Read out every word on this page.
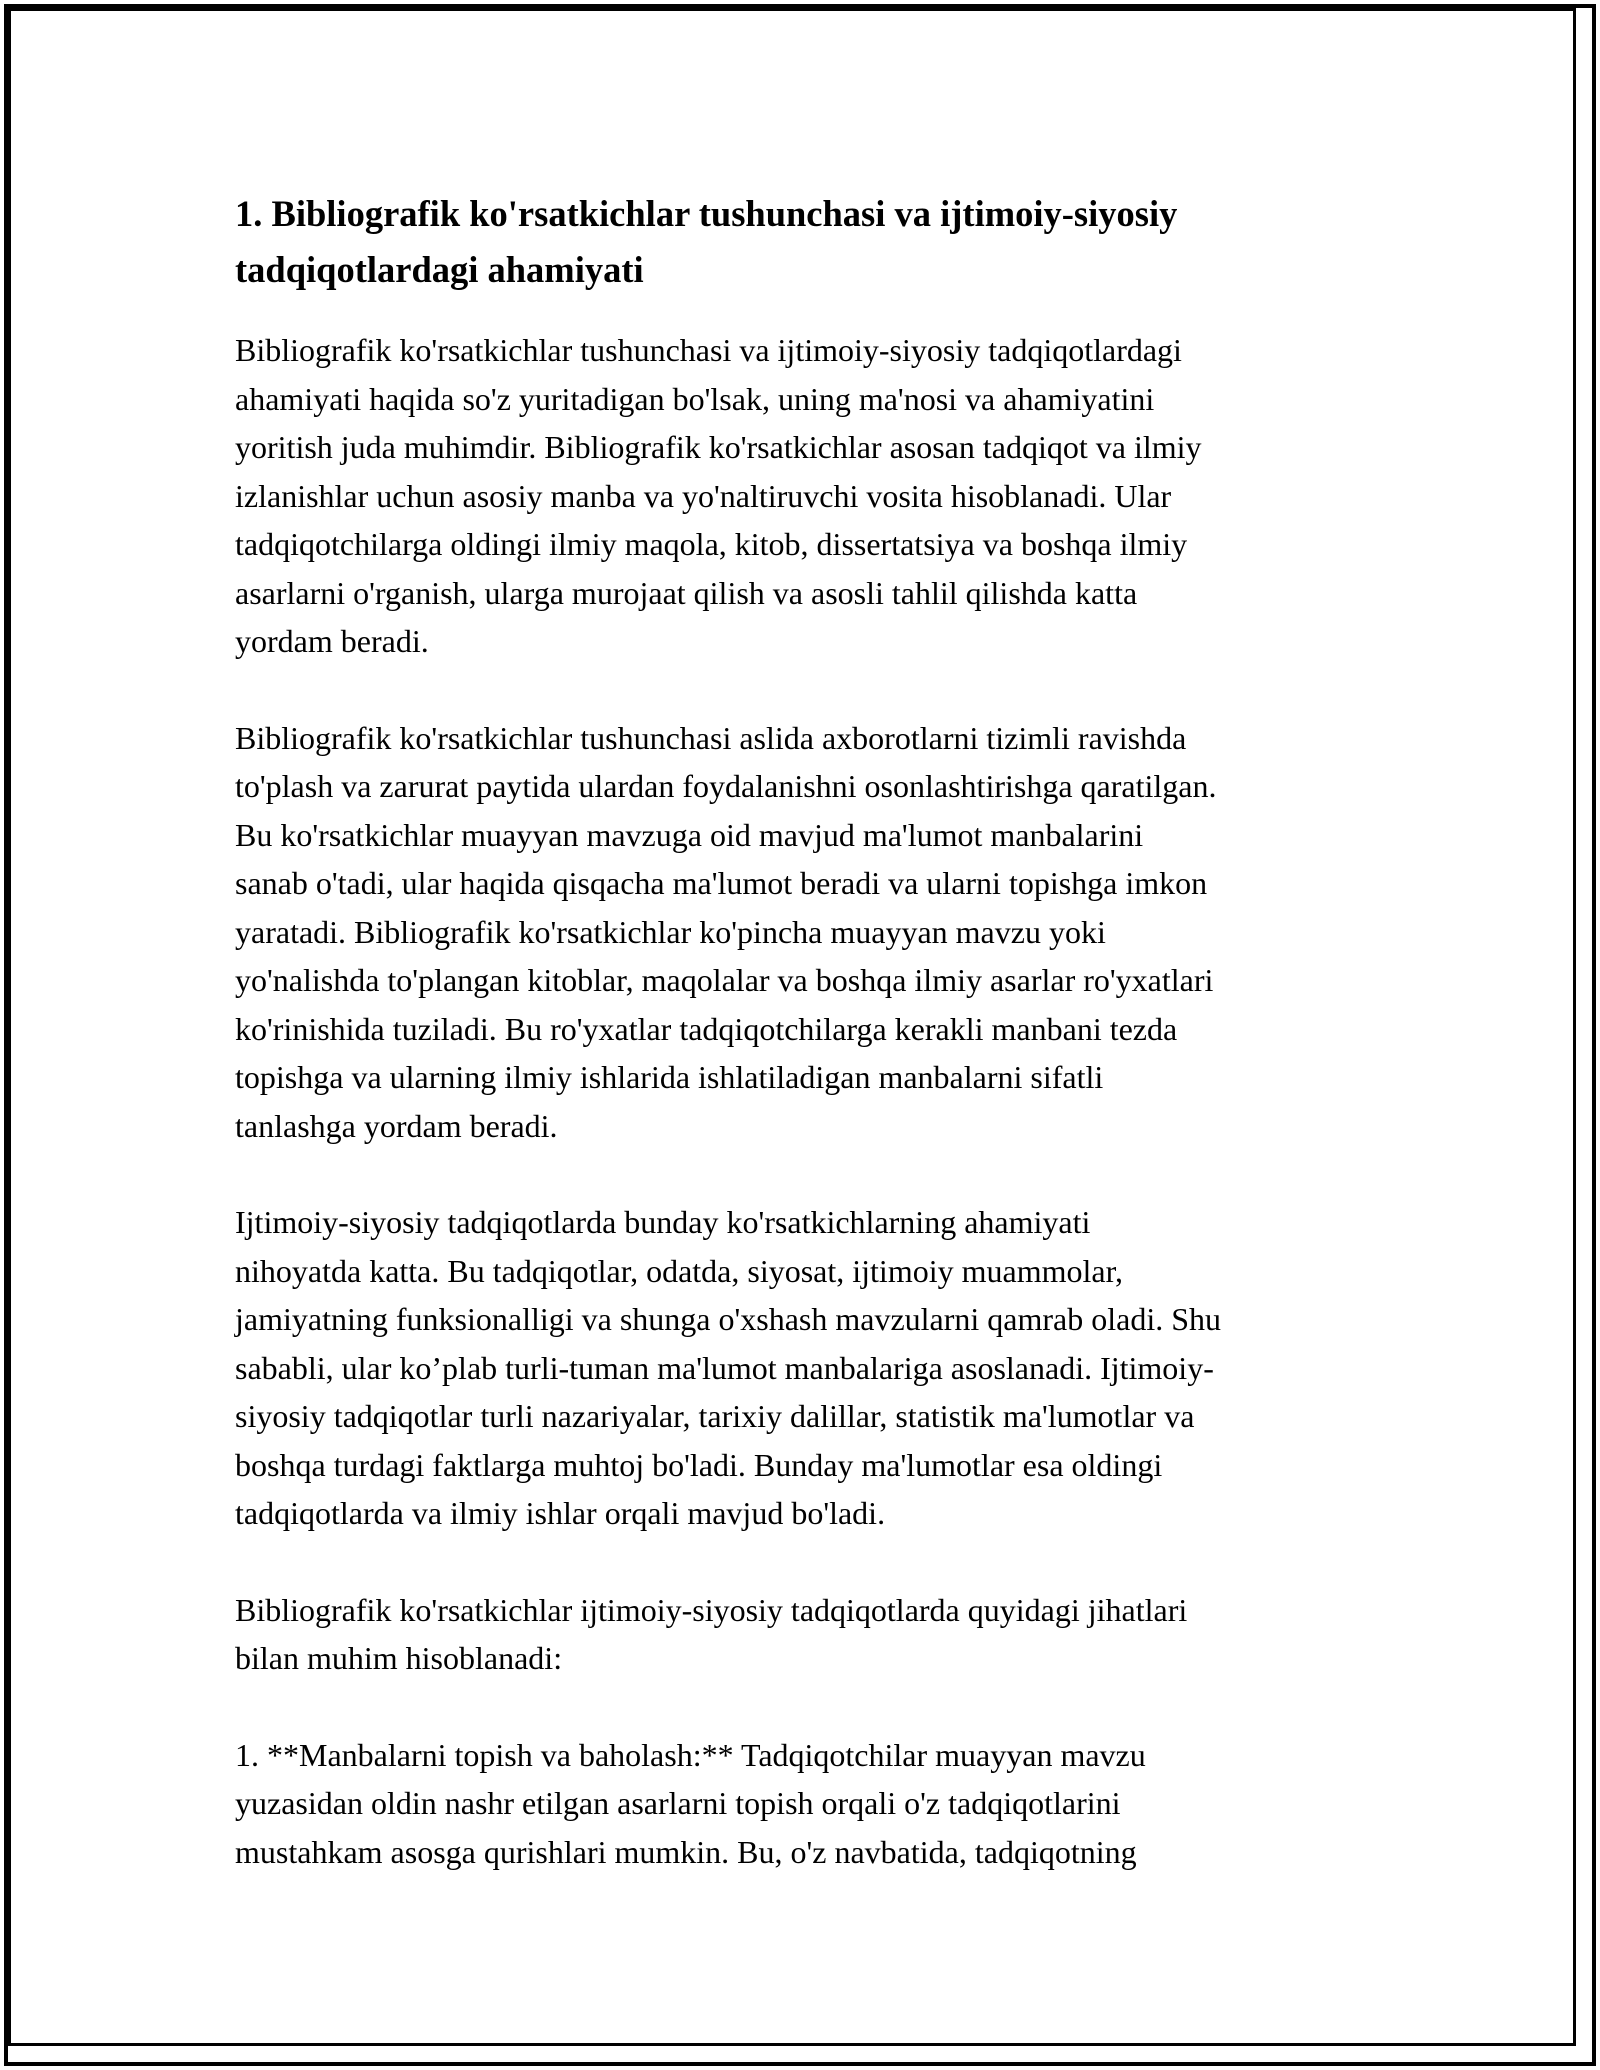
1. Bibliografik ko'rsatkichlar tushunchasi va ijtimoiy-siyosiy
tadqiqotlardagi ahamiyati

Bibliografik ko'rsatkichlar tushunchasi va ijtimoiy-siyosiy tadqiqotlardagi
ahamiyati haqida so'z yuritadigan bo'lsak, uning ma'nosi va ahamiyatini
yoritish juda muhimdir. Bibliografik ko'rsatkichlar asosan tadqiqot va ilmiy
izlanishlar uchun asosiy manba va yo'naltiruvchi vosita hisoblanadi. Ular
tadqiqotchilarga oldingi ilmiy maqola, kitob, dissertatsiya va boshqa ilmiy
asarlarni o'rganish, ularga murojaat qilish va asosli tahlil qilishda katta
yordam beradi.

Bibliografik ko'rsatkichlar tushunchasi aslida axborotlarni tizimli ravishda
to'plash va zarurat paytida ulardan foydalanishni osonlashtirishga qaratilgan.
Bu ko'rsatkichlar muayyan mavzuga oid mavjud ma'lumot manbalarini
sanab o'tadi, ular haqida qisqacha ma'lumot beradi va ularni topishga imkon
yaratadi. Bibliografik ko'rsatkichlar ko'pincha muayyan mavzu yoki
yo'nalishda to'plangan kitoblar, maqolalar va boshqa ilmiy asarlar ro'yxatlari
ko'rinishida tuziladi. Bu ro'yxatlar tadqiqotchilarga kerakli manbani tezda
topishga va ularning ilmiy ishlarida ishlatiladigan manbalarni sifatli
tanlashga yordam beradi.

Ijtimoiy-siyosiy tadqiqotlarda bunday ko'rsatkichlarning ahamiyati
nihoyatda katta. Bu tadqiqotlar, odatda, siyosat, ijtimoiy muammolar,
jamiyatning funksionalligi va shunga o'xshash mavzularni qamrab oladi. Shu
sababli, ular ko’plab turli-tuman ma'lumot manbalariga asoslanadi. Ijtimoiy-
siyosiy tadqiqotlar turli nazariyalar, tarixiy dalillar, statistik ma'lumotlar va
boshqa turdagi faktlarga muhtoj bo'ladi. Bunday ma'lumotlar esa oldingi
tadqiqotlarda va ilmiy ishlar orqali mavjud bo'ladi.

Bibliografik ko'rsatkichlar ijtimoiy-siyosiy tadqiqotlarda quyidagi jihatlari
bilan muhim hisoblanadi:

1. **Manbalarni topish va baholash:** Tadqiqotchilar muayyan mavzu
yuzasidan oldin nashr etilgan asarlarni topish orqali o'z tadqiqotlarini
mustahkam asosga qurishlari mumkin. Bu, o'z navbatida, tadqiqotning
